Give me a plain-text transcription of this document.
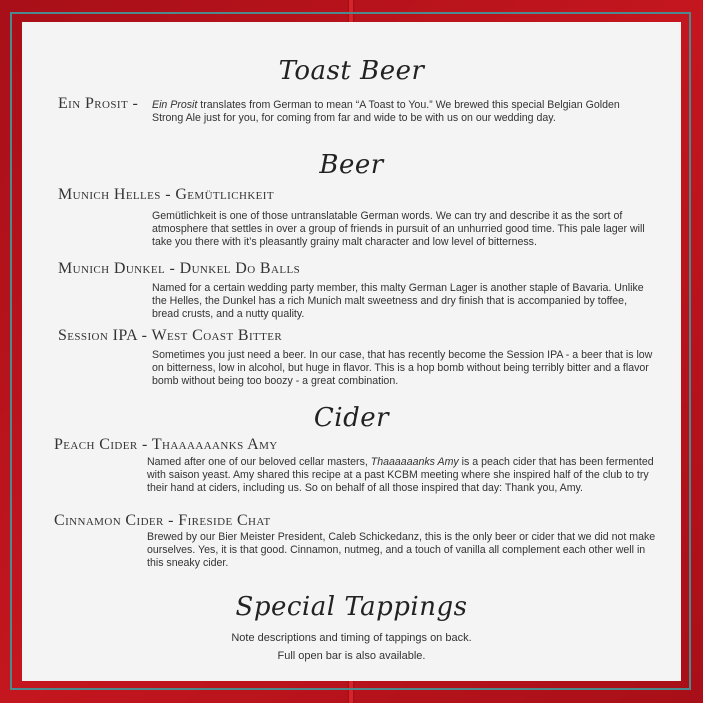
Toast Beer
Ein Prosit - Ein Prosit translates from German to mean “A Toast to You.” We brewed this special Belgian Golden Strong Ale just for you, for coming from far and wide to be with us on our wedding day.
Beer
Munich Helles - Gemütlichkeit
Gemütlichkeit is one of those untranslatable German words. We can try and describe it as the sort of atmosphere that settles in over a group of friends in pursuit of an unhurried good time. This pale lager will take you there with it’s pleasantly grainy malt character and low level of bitterness.
Munich Dunkel - Dunkel Do Balls
Named for a certain wedding party member, this malty German Lager is another staple of Bavaria. Unlike the Helles, the Dunkel has a rich Munich malt sweetness and dry finish that is accompanied by toffee, bread crusts, and a nutty quality.
Session IPA - West Coast Bitter
Sometimes you just need a beer. In our case, that has recently become the Session IPA - a beer that is low on bitterness, low in alcohol, but huge in flavor. This is a hop bomb without being terribly bitter and a flavor bomb without being too boozy - a great combination.
Cider
Peach Cider - Thaaaaaanks Amy
Named after one of our beloved cellar masters, Thaaaaaanks Amy is a peach cider that has been fermented with saison yeast. Amy shared this recipe at a past KCBM meeting where she inspired half of the club to try their hand at ciders, including us. So on behalf of all those inspired that day: Thank you, Amy.
Cinnamon Cider - Fireside Chat
Brewed by our Bier Meister President, Caleb Schickedanz, this is the only beer or cider that we did not make ourselves. Yes, it is that good. Cinnamon, nutmeg, and a touch of vanilla all complement each other well in this sneaky cider.
Special Tappings
Note descriptions and timing of tappings on back.
Full open bar is also available.
